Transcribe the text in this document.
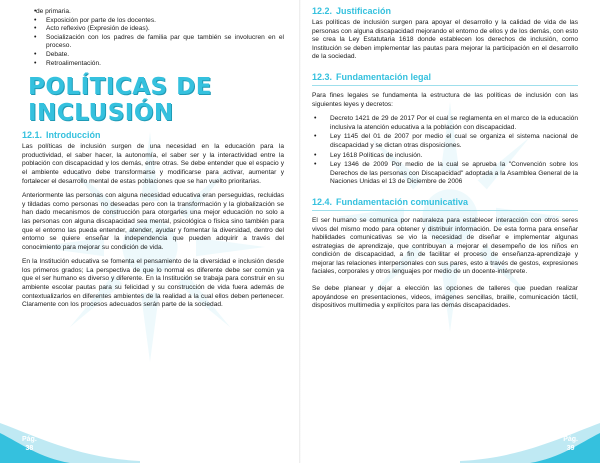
• de primaria.
• Exposición por parte de los docentes.
• Acto reflexivo (Expresión de ideas).
• Socialización con los padres de familia par que también se involucren en el proceso.
• Debate.
• Retroalimentación.
POLÍTICAS DE INCLUSIÓN
12.1. Introducción

Las políticas de inclusión surgen de una necesidad en la educación para la productividad, el saber hacer, la autonomía, el saber ser y la interactividad entre la población con discapacidad y los demás, entre otras. Se debe entender que el espacio y el ambiente educativo debe transformarse y modificarse para activar, aumentar y fortalecer el desarrollo mental de estas poblaciones que se han vuelto prioritarias.

Anteriormente las personas con alguna necesidad educativa eran perseguidas, recluidas y tildadas como personas no deseadas pero con la transformación y la globalización se han dado mecanismos de construcción para otorgarles una mejor educación no solo a las personas con alguna discapacidad sea mental, psicológica o física sino también para que el entorno las pueda entender, atender, ayudar y fomentar la diversidad, dentro del entorno se quiere enseñar la independencia que pueden adquirir a través del conocimiento para mejorar su condición de vida.

En la Institución educativa se fomenta el pensamiento de la diversidad e inclusión desde los primeros grados; La perspectiva de que lo normal es diferente debe ser común ya que el ser humano es diverso y diferente. En la Institución se trabaja para construir en su ambiente escolar pautas para su felicidad y su construcción de vida fuera además de contextualizarlos en diferentes ambientes de la realidad a la cual ellos deben pertenecer. Claramente con los procesos adecuados serán parte de la sociedad.

Pág.
38
12.2. Justificación

Las políticas de inclusión surgen para apoyar el desarrollo y la calidad de vida de las personas con alguna discapacidad mejorando el entorno de ellos y de los demás, con esto se crea la Ley Estatutaria 1618 donde establecen los derechos de inclusión, como Institución se deben implementar las pautas para mejorar la participación en el desarrollo de la sociedad.

12.3. Fundamentación legal

Para fines legales se fundamenta la estructura de las políticas de inclusión con las siguientes leyes y decretos:

• Decreto 1421 de 29 de 2017 Por el cual se reglamenta en el marco de la educación inclusiva la atención educativa a la población con discapacidad.
• Ley 1145 del 01 de 2007 por medio el cual se organiza el sistema nacional de discapacidad y se dictan otras disposiciones.
• Ley 1618 Políticas de inclusión.
• Ley 1346 de 2009 Por medio de la cual se aprueba la "Convención sobre los Derechos de las personas con Discapacidad" adoptada a la Asamblea General de la Naciones Unidas el 13 de Diciembre de 2006
12.4. Fundamentación comunicativa

El ser humano se comunica por naturaleza para establecer interacción con otros seres vivos del mismo modo para obtener y distribuir información. De esta forma para enseñar habilidades comunicativas se vio la necesidad de diseñar e implementar algunas estrategias de aprendizaje, que contribuyan a mejorar el desempeño de los niños en condición de discapacidad, a fin de facilitar el proceso de enseñanza-aprendizaje y mejorar las relaciones interpersonales con sus pares, esto a través de gestos, expresiones faciales, corporales y otros lenguajes por medio de un docente-intérprete.

Se debe planear y dejar a elección las opciones de talleres que puedan realizar apoyándose en presentaciones, videos, imágenes sencillas, braille, comunicación táctil, dispositivos multimedia y explícitos para las demás discapacidades.

Pág.
39
